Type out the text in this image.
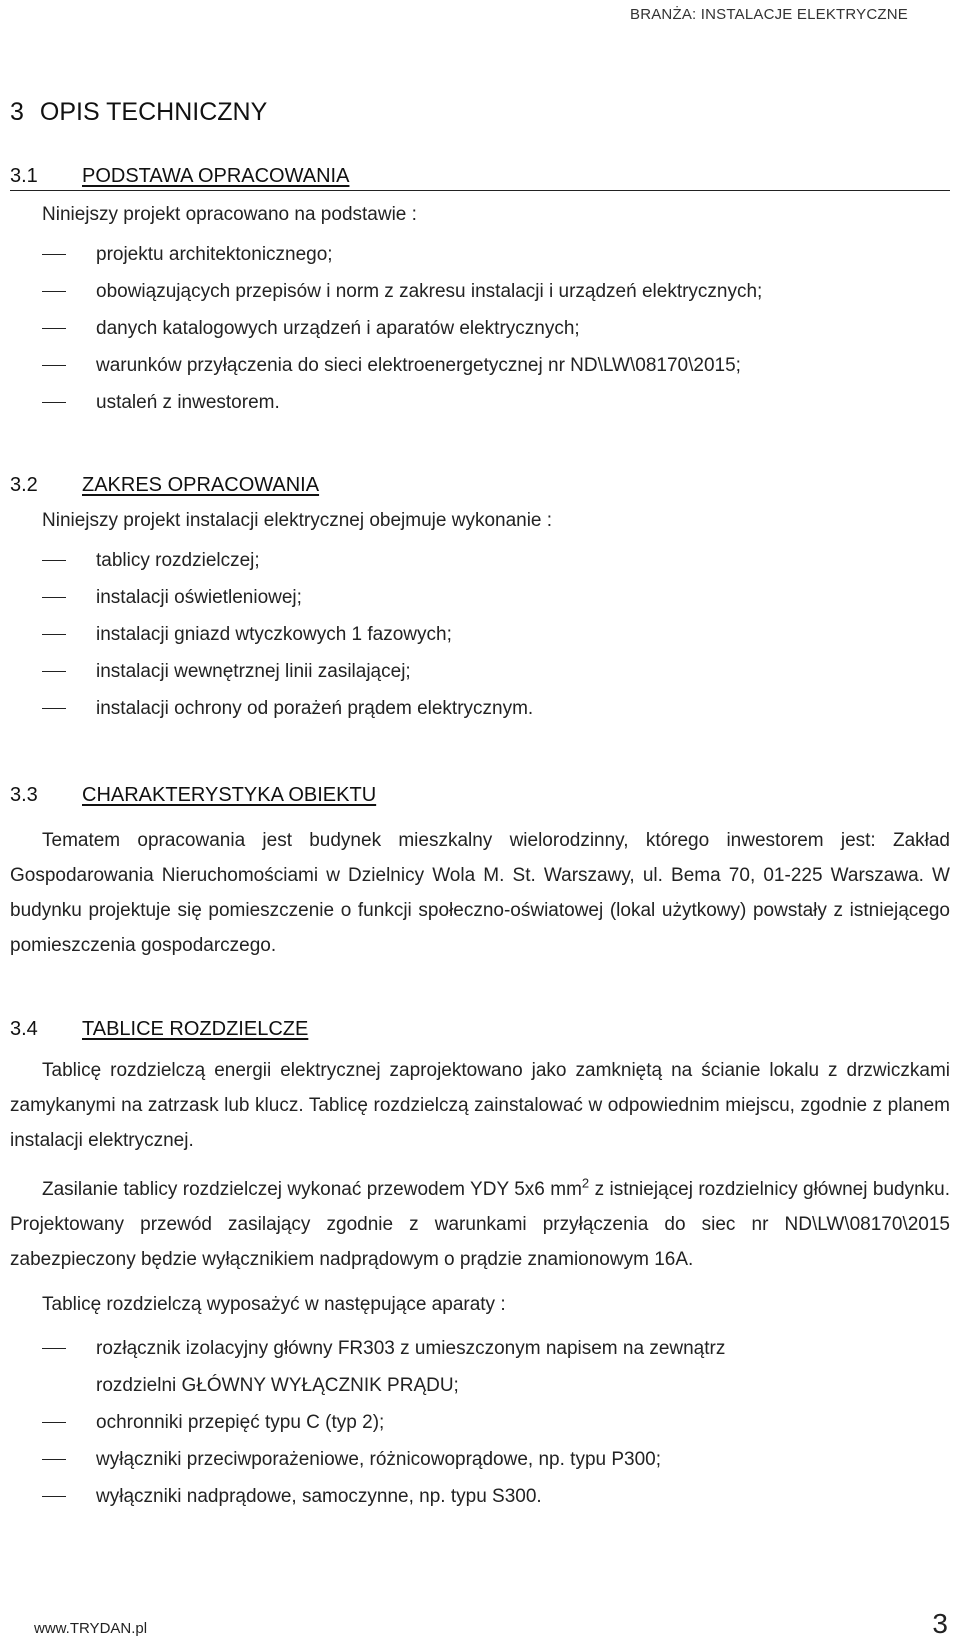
BRANŻA: INSTALACJE ELEKTRYCZNE
3 OPIS TECHNICZNY
3.1	PODSTAWA OPRACOWANIA

Niniejszy projekt opracowano na podstawie :

projektu architektonicznego;
obowiązujących przepisów i norm z zakresu instalacji i urządzeń elektrycznych;
danych katalogowych urządzeń i aparatów elektrycznych;
warunków przyłączenia do sieci elektroenergetycznej nr ND\LW\08170\2015;
ustaleń z inwestorem.
3.2	ZAKRES OPRACOWANIA

Niniejszy projekt instalacji elektrycznej obejmuje wykonanie :

tablicy rozdzielczej;
instalacji oświetleniowej;
instalacji gniazd wtyczkowych 1 fazowych;
instalacji wewnętrznej linii zasilającej;
instalacji ochrony od porażeń prądem elektrycznym.
3.3	CHARAKTERYSTYKA OBIEKTU

Tematem opracowania jest budynek mieszkalny wielorodzinny, którego inwestorem jest: Zakład Gospodarowania Nieruchomościami w Dzielnicy Wola M. St. Warszawy, ul. Bema 70, 01-225 Warszawa. W budynku projektuje się pomieszczenie o funkcji społeczno-oświatowej (lokal użytkowy) powstały z istniejącego pomieszczenia gospodarczego.

3.4	TABLICE ROZDZIELCZE

Tablicę rozdzielczą energii elektrycznej zaprojektowano jako zamkniętą na ścianie lokalu z drzwiczkami zamykanymi na zatrzask lub klucz. Tablicę rozdzielczą zainstalować w odpowiednim miejscu, zgodnie z planem instalacji elektrycznej.

Zasilanie tablicy rozdzielczej wykonać przewodem YDY 5x6 $mm^2$ z istniejącej rozdzielnicy głównej budynku. Projektowany przewód zasilający zgodnie z warunkami przyłączenia do siec nr ND\LW\08170\2015 zabezpieczony będzie wyłącznikiem nadprądowym o prądzie znamionowym 16A.

Tablicę rozdzielczą wyposażyć w następujące aparaty :

rozłącznik izolacyjny główny FR303 z umieszczonym napisem na zewnątrz
rozdzielni GŁÓWNY WYŁĄCZNIK PRĄDU;
ochronniki przepięć typu C (typ 2);
wyłączniki przeciwporażeniowe, różnicowoprądowe, np. typu P300;
wyłączniki nadprądowe, samoczynne, np. typu S300.
www.TRYDAN.pl	3
